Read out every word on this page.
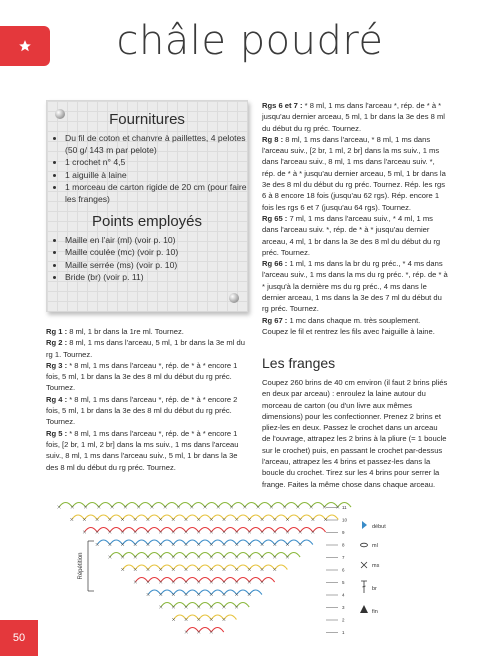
châle poudré
Fournitures
• Du fil de coton et chanvre à paillettes, 4 pelotes (50 g/ 143 m par pelote)
• 1 crochet n° 4,5
• 1 aiguille à laine
• 1 morceau de carton rigide de 20 cm (pour faire les franges)
Points employés
• Maille en l'air (ml) (voir p. 10)
• Maille coulée (mc) (voir p. 10)
• Maille serrée (ms) (voir p. 10)
• Bride (br) (voir p. 11)

Rg 1 : 8 ml, 1 br dans la 1re ml. Tournez.

Rg 2 : 8 ml, 1 ms dans l'arceau, 5 ml, 1 br dans la 3e ml du rg 1. Tournez.

Rg 3 : * 8 ml, 1 ms dans l'arceau *, rép. de * à * encore 1 fois, 5 ml, 1 br dans la 3e des 8 ml du début du rg préc. Tournez.

Rg 4 : * 8 ml, 1 ms dans l'arceau *, rép. de * à * encore 2 fois, 5 ml, 1 br dans la 3e des 8 ml du début du rg préc. Tournez.

Rg 5 : * 8 ml, 1 ms dans l'arceau *, rép. de * à * encore 1 fois, [2 br, 1 ml, 2 br] dans la ms suiv., 1 ms dans l'arceau suiv., 8 ml, 1 ms dans l'arceau suiv., 5 ml, 1 br dans la 3e des 8 ml du début du rg préc. Tournez.

Rgs 6 et 7 : * 8 ml, 1 ms dans l'arceau *, rép. de * à * jusqu'au dernier arceau, 5 ml, 1 br dans la 3e des 8 ml du début du rg préc. Tournez.

Rg 8 : 8 ml, 1 ms dans l'arceau, * 8 ml, 1 ms dans l'arceau suiv., [2 br, 1 ml, 2 br] dans la ms suiv., 1 ms dans l'arceau suiv., 8 ml, 1 ms dans l'arceau suiv. *, rép. de * à * jusqu'au dernier arceau, 5 ml, 1 br dans la 3e des 8 ml du début du rg préc. Tournez. Rép. les rgs 6 à 8 encore 18 fois (jusqu'au 62 rgs). Rép. encore 1 fois les rgs 6 et 7 (jusqu'au 64 rgs). Tournez.

Rg 65 : 7 ml, 1 ms dans l'arceau suiv., * 4 ml, 1 ms dans l'arceau suiv. *, rép. de * à * jusqu'au dernier arceau, 4 ml, 1 br dans la 3e des 8 ml du début du rg préc. Tournez.

Rg 66 : 1 ml, 1 ms dans la br du rg préc., * 4 ms dans l'arceau suiv., 1 ms dans la ms du rg préc. *, rép. de * à * jusqu'à la dernière ms du rg préc., 4 ms dans le dernier arceau, 1 ms dans la 3e des 7 ml du début du rg préc. Tournez.

Rg 67 : 1 mc dans chaque m. très souplement. Coupez le fil et rentrez les fils avec l'aiguille à laine.

Les franges

Coupez 260 brins de 40 cm environ (il faut 2 brins pliés en deux par arceau) : enroulez la laine autour du morceau de carton (ou d'un livre aux mêmes dimensions) pour les confectionner. Prenez 2 brins et pliez-les en deux. Passez le crochet dans un arceau de l'ouvrage, attrapez les 2 brins à la pliure (= 1 boucle sur le crochet) puis, en passant le crochet par-dessus l'arceau, attrapez les 4 brins et passez-les dans la boucle du crochet. Tirez sur les 4 brins pour serrer la frange. Faites la même chose dans chaque arceau.

Répétition
11
10
9
8
7
6
5
4
3
2
1
début
ml
ms
br
fin
50
